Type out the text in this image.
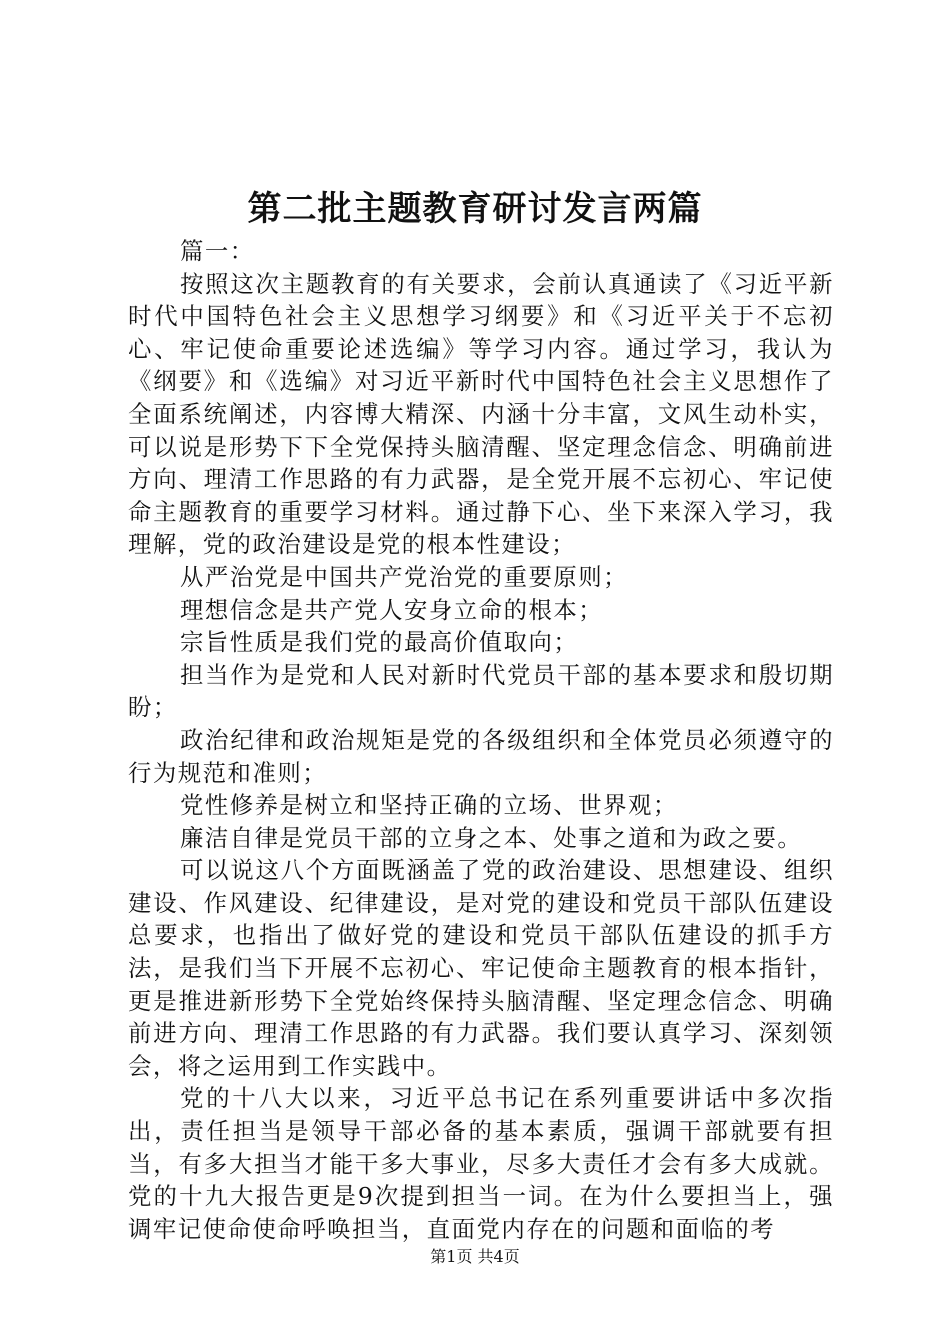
第二批主题教育研讨发言两篇

篇一：

按照这次主题教育的有关要求，会前认真通读了《习近平新时代中国特色社会主义思想学习纲要》和《习近平关于不忘初心、牢记使命重要论述选编》等学习内容。通过学习，我认为《纲要》和《选编》对习近平新时代中国特色社会主义思想作了全面系统阐述，内容博大精深、内涵十分丰富，文风生动朴实，可以说是形势下下全党保持头脑清醒、坚定理念信念、明确前进方向、理清工作思路的有力武器，是全党开展不忘初心、牢记使命主题教育的重要学习材料。通过静下心、坐下来深入学习，我理解，党的政治建设是党的根本性建设；

从严治党是中国共产党治党的重要原则；

理想信念是共产党人安身立命的根本；

宗旨性质是我们党的最高价值取向；

担当作为是党和人民对新时代党员干部的基本要求和殷切期盼；

政治纪律和政治规矩是党的各级组织和全体党员必须遵守的行为规范和准则；

党性修养是树立和坚持正确的立场、世界观；

廉洁自律是党员干部的立身之本、处事之道和为政之要。

可以说这八个方面既涵盖了党的政治建设、思想建设、组织建设、作风建设、纪律建设，是对党的建设和党员干部队伍建设总要求，也指出了做好党的建设和党员干部队伍建设的抓手方法，是我们当下开展不忘初心、牢记使命主题教育的根本指针，更是推进新形势下全党始终保持头脑清醒、坚定理念信念、明确前进方向、理清工作思路的有力武器。我们要认真学习、深刻领会，将之运用到工作实践中。

党的十八大以来，习近平总书记在系列重要讲话中多次指出，责任担当是领导干部必备的基本素质，强调干部就要有担当，有多大担当才能干多大事业，尽多大责任才会有多大成就。党的十九大报告更是9次提到担当一词。在为什么要担当上，强调牢记使命使命呼唤担当，直面党内存在的问题和面临的考

第1页 共4页
